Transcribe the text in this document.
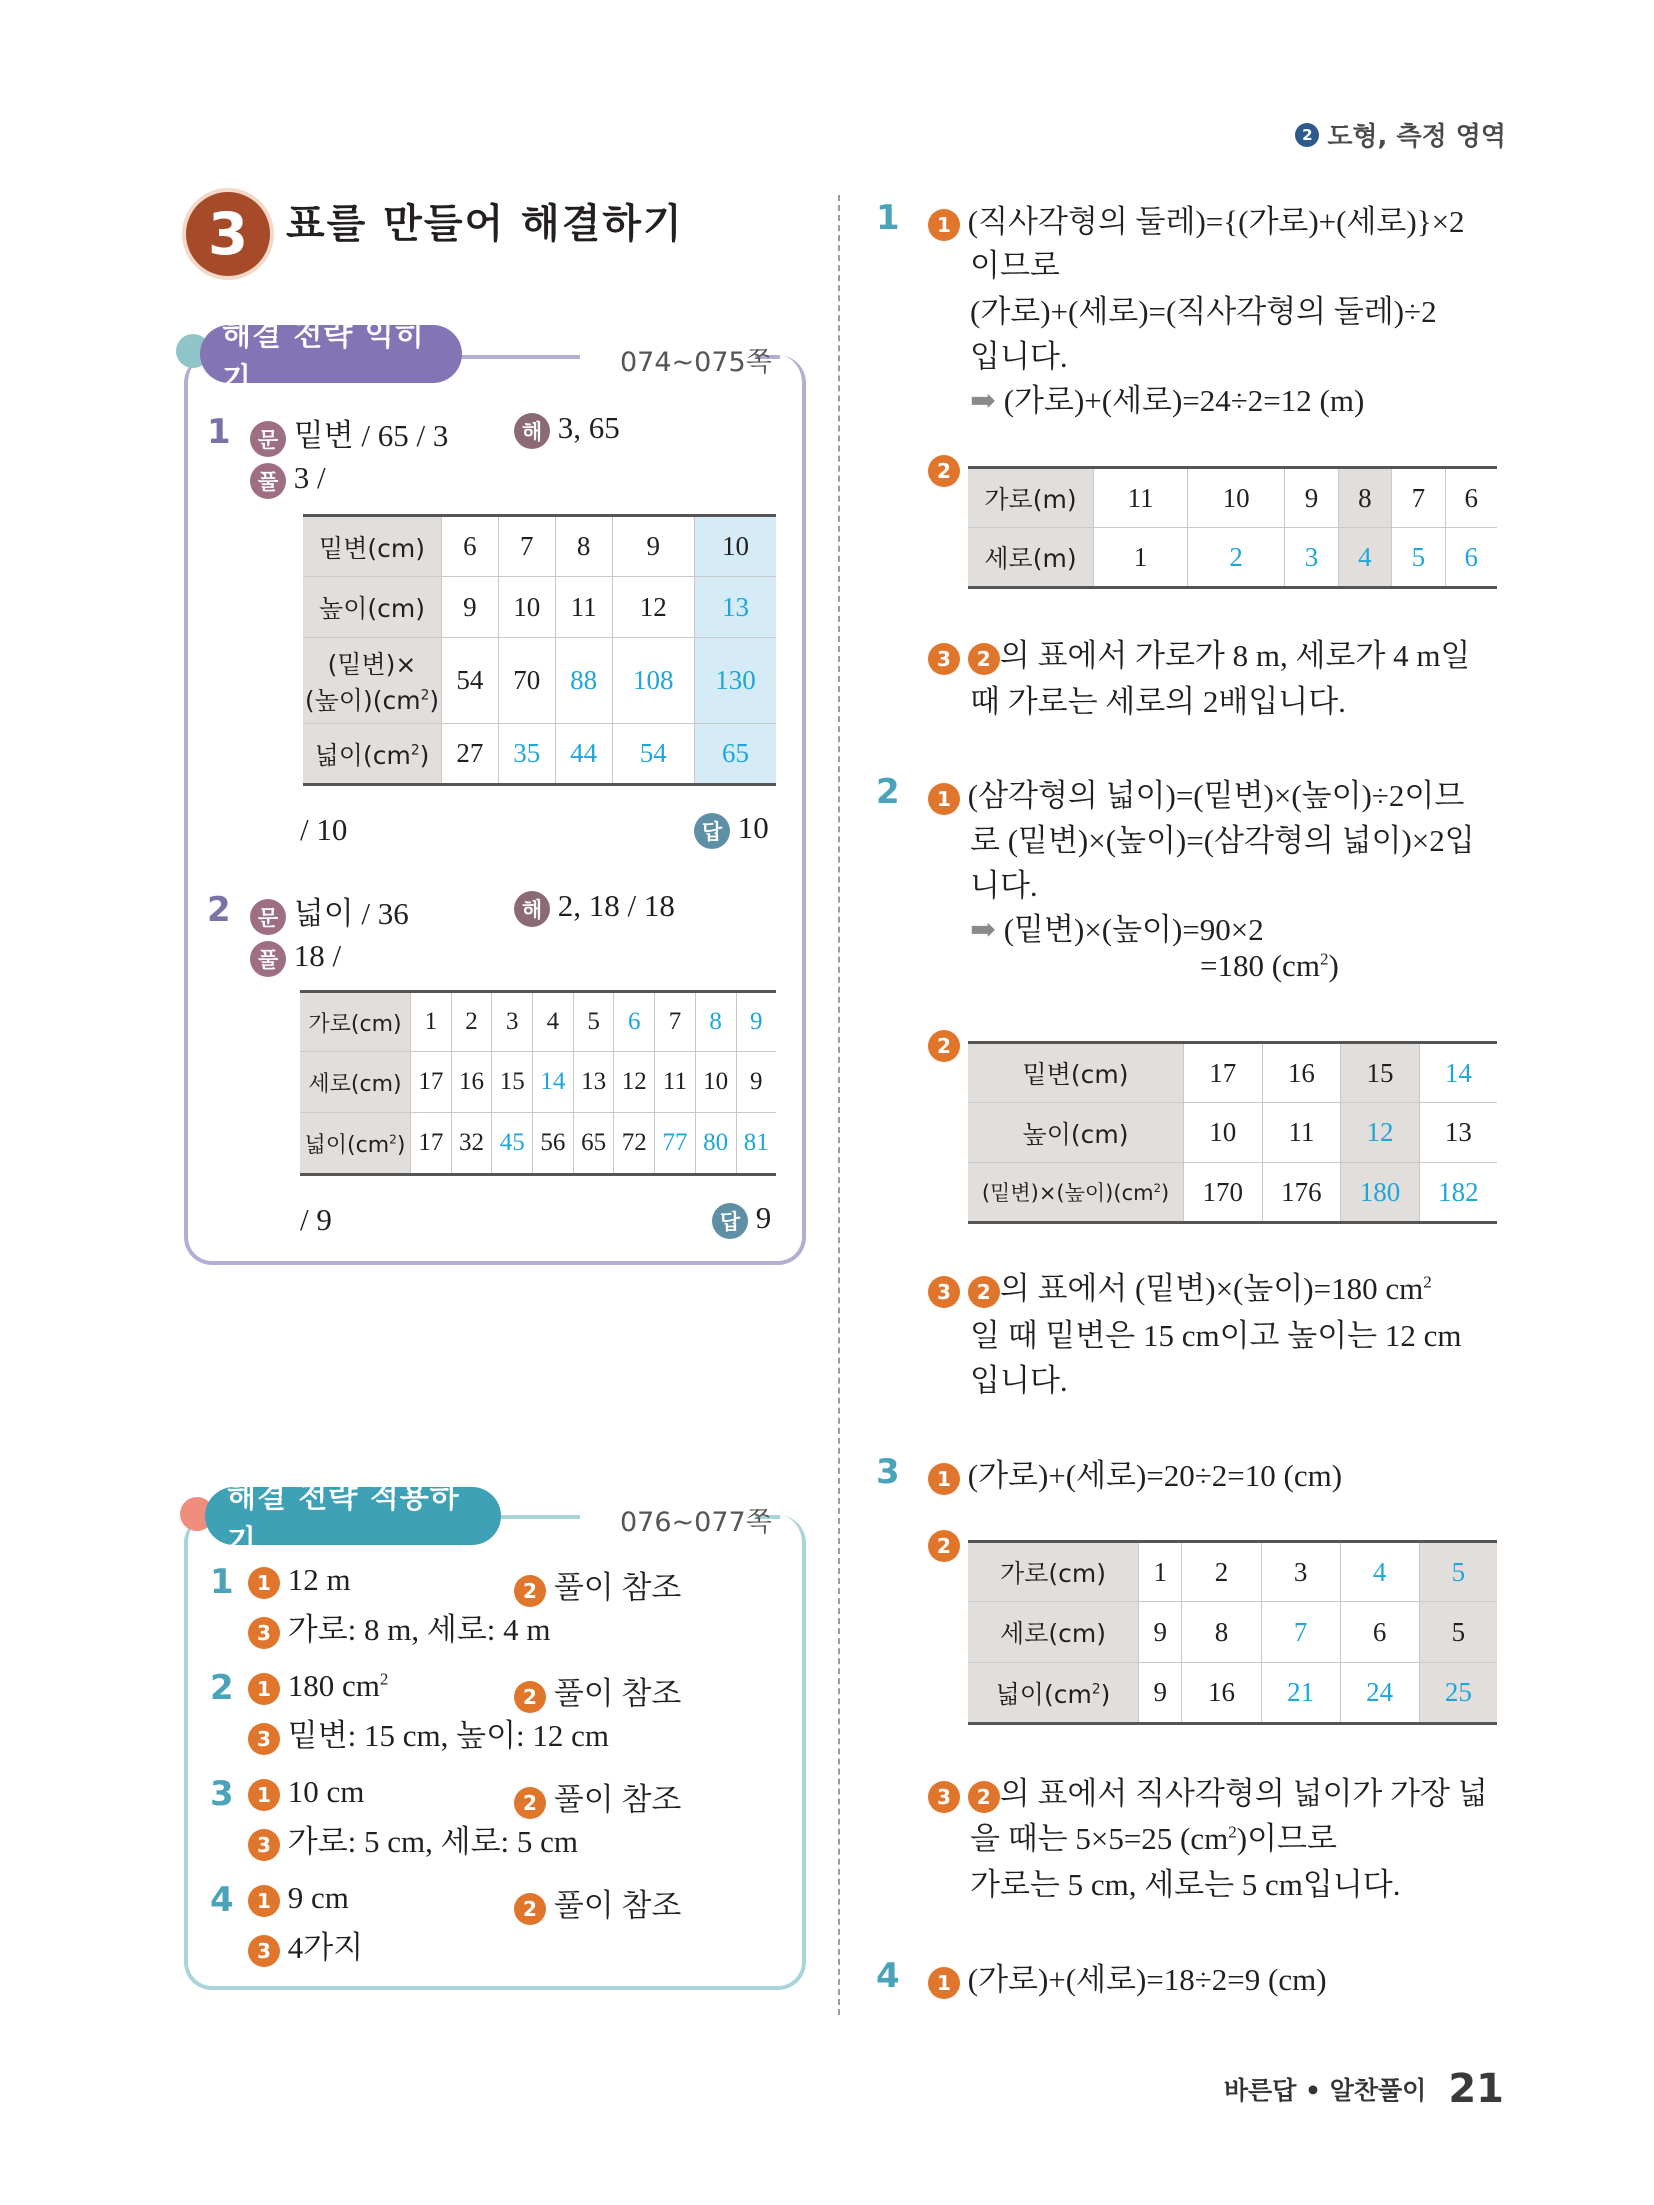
2 도형, 측정 영역
3 표를 만들어 해결하기
해결 전략 익히기	074~075쪽
1	문 밑변 / 65 / 3	해 3, 65
풀 3 /
밑변(cm)	6	7	8	9	10
높이(cm)	9	10	11	12	13

(밑변)×
(높이)$(cm^2)$	54	70	88	108	130
넓이$(cm^2)$	27	35	44	54	65
/ 10	답 10
2	문 넓이 / 36	해 2, 18 / 18
풀 18 /
가로(cm)	1	2	3	4	5	6	7	8	9
세로(cm)	17	16	15	14	13	12	11	10	9
넓이$(cm^2)$	17	32	45	56	65	72	77	80	81
/ 9	답 9
해결 전략 적용하기
076~077쪽
1	1 12 m	2 풀이 참조
3 가로: 8 m, 세로: 4 m
2	1 180 $cm^2$
2 풀이 참조
3 밑변: 15 cm, 높이: 12 cm
3	1 10 cm	2 풀이 참조
3 가로: 5 cm, 세로: 5 cm
4	1 9 cm	2 풀이 참조
3 4가지
1	1 (직사각형의 둘레)={(가로)+(세로)}×2
이므로
(가로)+(세로)=(직사각형의 둘레)÷2
입니다.
➡ (가로)+(세로)=24÷2=12 (m)
2
가로(m)	11	10	9	8	7	6
세로(m)	1	2	3	4	5	6
3 2 의 표에서 가로가 8 m, 세로가 4 m일
때 가로는 세로의 2배입니다.
2	1 (삼각형의 넓이)=(밑변)×(높이)÷2이므
로 (밑변)×(높이)=(삼각형의 넓이)×2입
니다.
➡ (밑변)×(높이)=90×2
=180 $(cm^2)$
2
밑변(cm)	17	16	15	14
높이(cm)	10	11	12	13
(밑변)×(높이)$(cm^2)$	170	176	180	182
3 2 의 표에서 (밑변)×(높이)=180 $cm^2$
일 때 밑변은 15 cm이고 높이는 12 cm
입니다.
3	1 (가로)+(세로)=20÷2=10 (cm)
2
가로(cm)	1	2	3	4	5
세로(cm)	9	8	7	6	5
넓이$(cm^2)$	9	16	21	24	25
3 2 의 표에서 직사각형의 넓이가 가장 넓
을 때는 5×5=25 $(cm^2)$이므로
가로는 5 cm, 세로는 5 cm입니다.
4	1 (가로)+(세로)=18÷2=9 (cm)
바른답 • 알찬풀이 21
